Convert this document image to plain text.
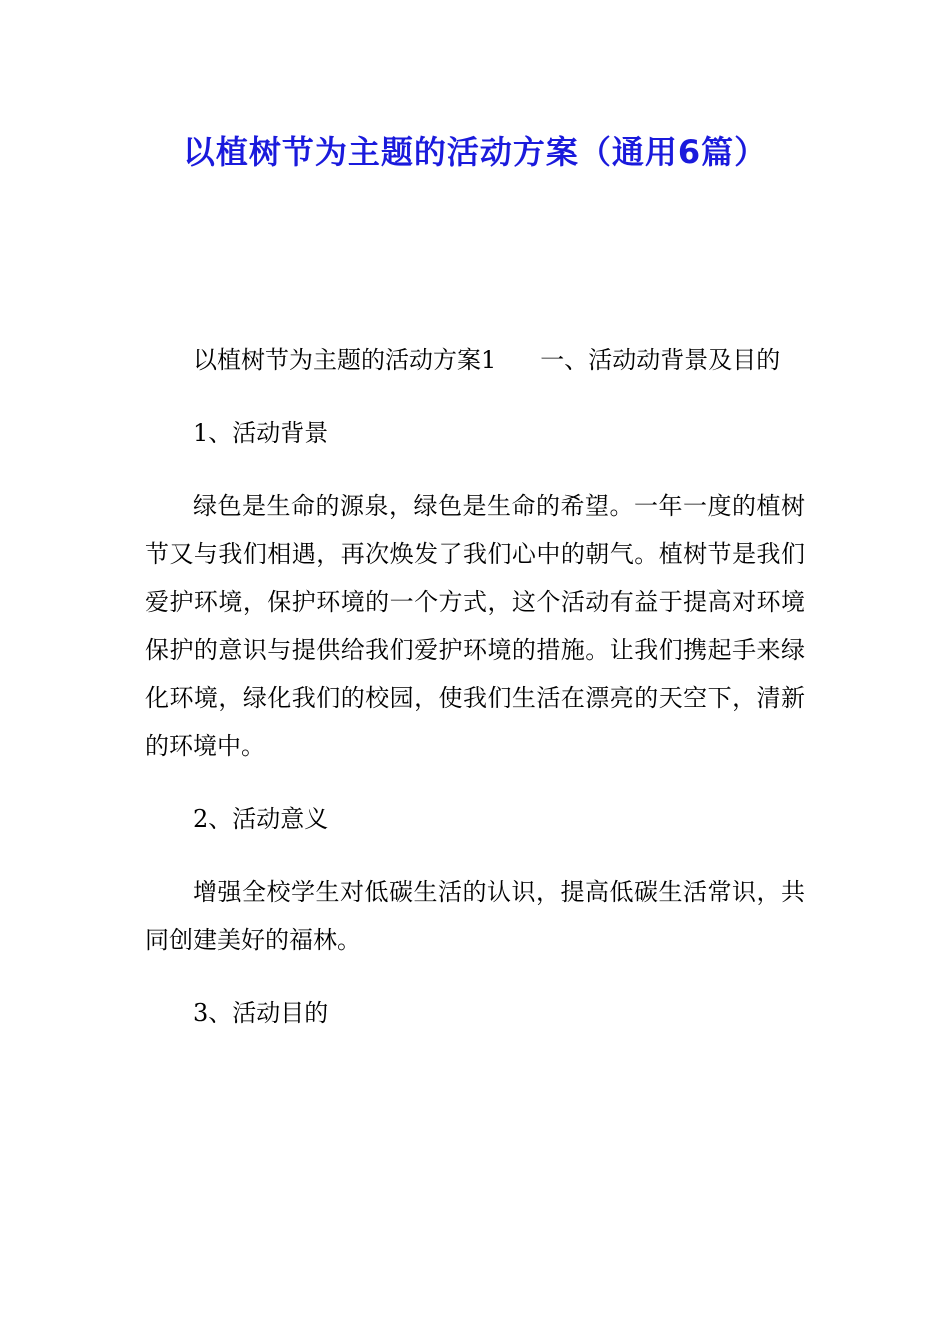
以植树节为主题的活动方案（通用6篇）

以植树节为主题的活动方案1 一、活动动背景及目的

1、活动背景

绿色是生命的源泉，绿色是生命的希望。一年一度的植树节又与我们相遇，再次焕发了我们心中的朝气。植树节是我们爱护环境，保护环境的一个方式，这个活动有益于提高对环境保护的意识与提供给我们爱护环境的措施。让我们携起手来绿化环境，绿化我们的校园，使我们生活在漂亮的天空下，清新的环境中。

2、活动意义

增强全校学生对低碳生活的认识，提高低碳生活常识，共同创建美好的福林。

3、活动目的
